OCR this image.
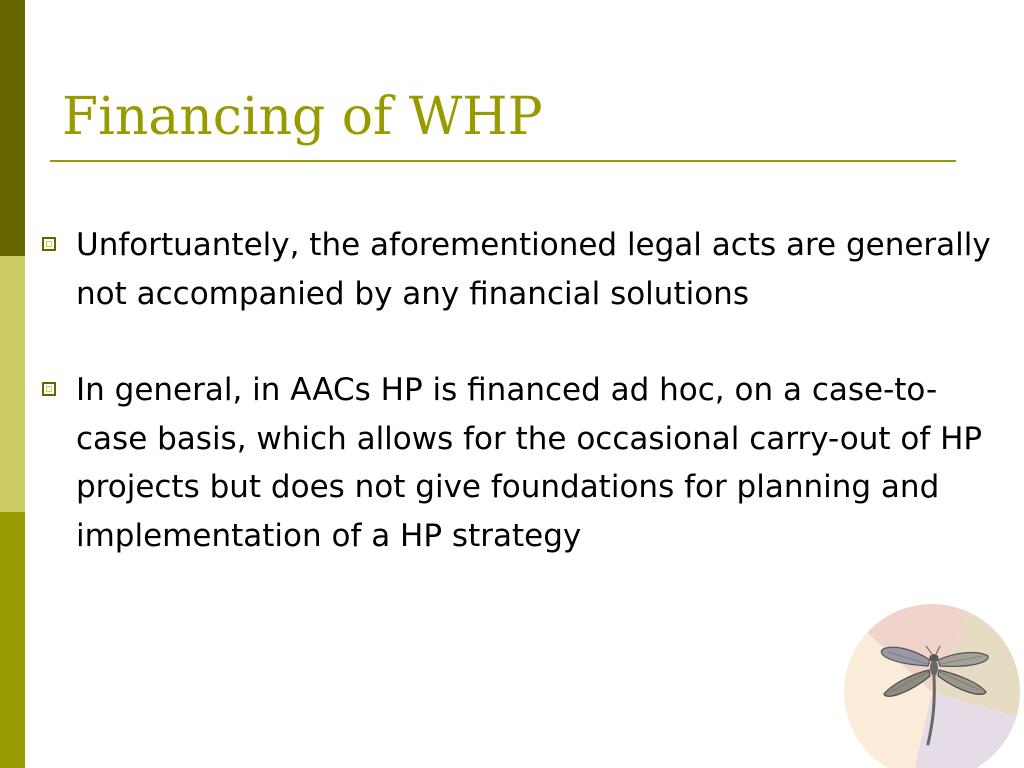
Financing of WHP
Unfortuantely, the aforementioned legal acts are generally not accompanied by any financial solutions
In general, in AACs HP is financed ad hoc, on a case-to-case basis, which allows for the occasional carry-out of HP projects but does not give foundations for planning and implementation of a HP strategy
